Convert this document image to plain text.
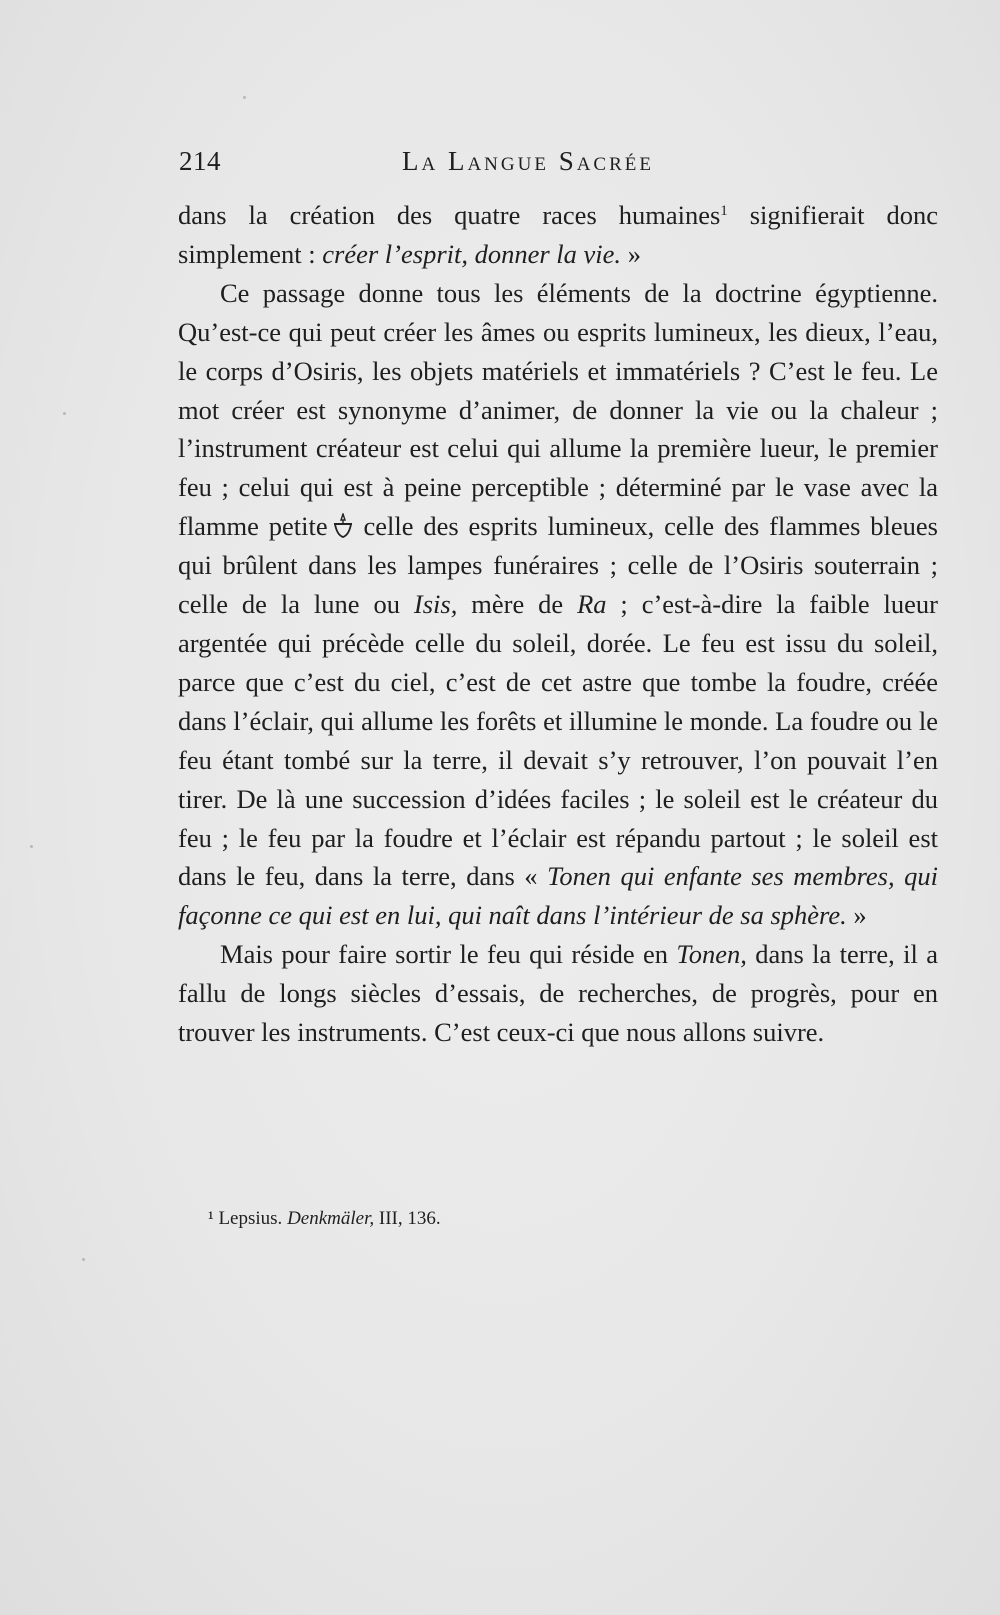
214	La Langue Sacrée

dans la création des quatre races humaines$^1$ signifierait donc simplement : créer l’esprit, donner la vie. »

Ce passage donne tous les éléments de la doctrine égyptienne. Qu’est-ce qui peut créer les âmes ou esprits lumineux, les dieux, l’eau, le corps d’Osiris, les objets matériels et immatériels ? C’est le feu. Le mot créer est synonyme d’animer, de donner la vie ou la chaleur ; l’instrument créateur est celui qui allume la première lueur, le premier feu ; celui qui est à peine perceptible ; déterminé par le vase avec la flamme petite celle des esprits lumineux, celle des flammes bleues qui brûlent dans les lampes funéraires ; celle de l’Osiris souterrain ; celle de la lune ou Isis, mère de Ra ; c’est-à-dire la faible lueur argentée qui précède celle du soleil, dorée. Le feu est issu du soleil, parce que c’est du ciel, c’est de cet astre que tombe la foudre, créée dans l’éclair, qui allume les forêts et illumine le monde. La foudre ou le feu étant tombé sur la terre, il devait s’y retrouver, l’on pouvait l’en tirer. De là une succession d’idées faciles ; le soleil est le créateur du feu ; le feu par la foudre et l’éclair est répandu partout ; le soleil est dans le feu, dans la terre, dans « Tonen qui enfante ses membres, qui façonne ce qui est en lui, qui naît dans l’intérieur de sa sphère. »

Mais pour faire sortir le feu qui réside en Tonen, dans la terre, il a fallu de longs siècles d’essais, de recherches, de progrès, pour en trouver les instruments. C’est ceux-ci que nous allons suivre.

¹ Lepsius. Denkmäler, III, 136.
